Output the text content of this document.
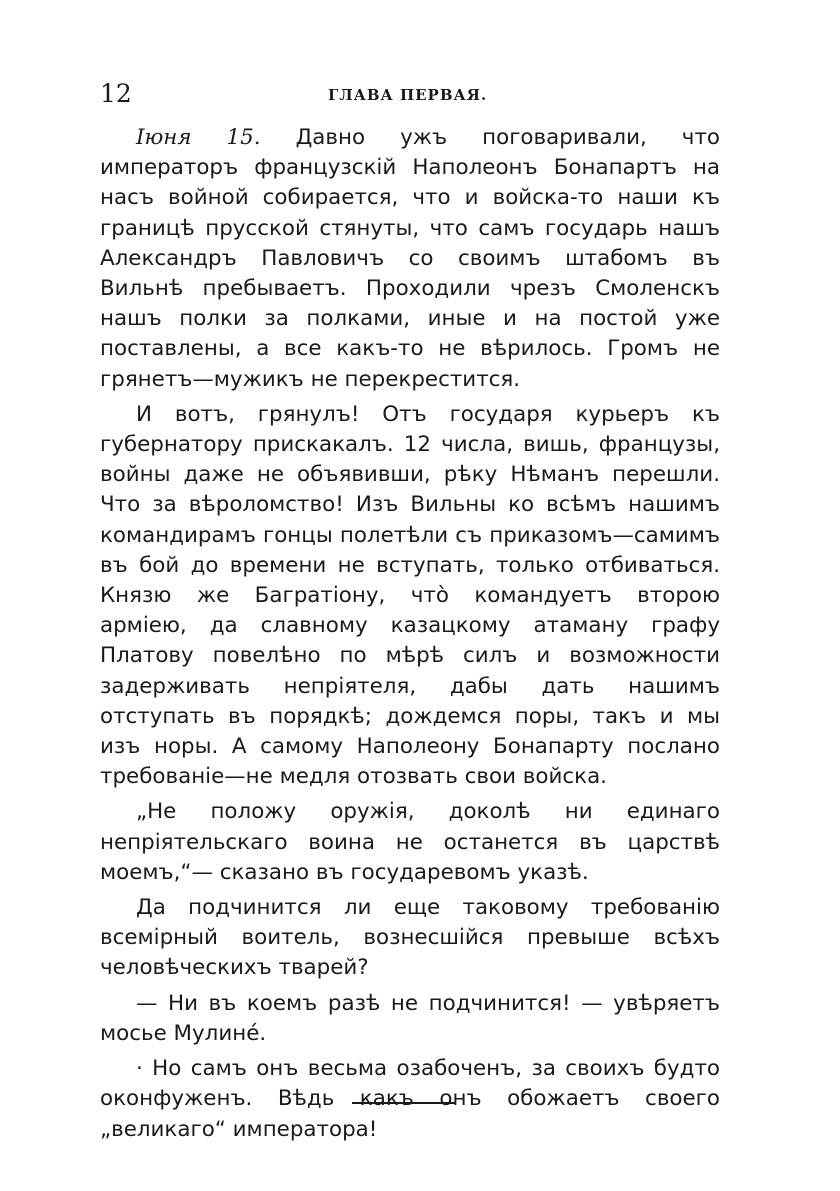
12	ГЛАВА ПЕРВАЯ.

Іюня 15. Давно ужъ поговаривали, что императоръ французскій Наполеонъ Бонапартъ на насъ войной собирается, что и войска-то наши къ границѣ прусской стянуты, что самъ государь нашъ Александръ Павловичъ со своимъ штабомъ въ Вильнѣ пребываетъ. Проходили чрезъ Смоленскъ нашъ полки за полками, иные и на постой уже поставлены, а все какъ-то не вѣрилось. Громъ не грянетъ—мужикъ не перекрестится.

И вотъ, грянулъ! Отъ государя курьеръ къ губернатору прискакалъ. 12 числа, вишь, французы, войны даже не объявивши, рѣку Нѣманъ перешли. Что за вѣроломство! Изъ Вильны ко всѣмъ нашимъ командирамъ гонцы полетѣли съ приказомъ—самимъ въ бой до времени не вступать, только отбиваться. Князю же Багратіону, что̀ командуетъ второю арміею, да славному казацкому атаману графу Платову повелѣно по мѣрѣ силъ и возможности задерживать непріятеля, дабы дать нашимъ отступать въ порядкѣ; дождемся поры, такъ и мы изъ норы. А самому Наполеону Бонапарту послано требованіе—не медля отозвать свои войска.

„Не положу оружія, доколѣ ни единаго непріятельскаго воина не останется въ царствѣ моемъ,“— сказано въ государевомъ указѣ.

Да подчинится ли еще таковому требованію всемірный воитель, вознесшійся превыше всѣхъ человѣческихъ тварей?

— Ни въ коемъ разѣ не подчинится! — увѣряетъ мосье Мулинé.

· Но самъ онъ весьма озабоченъ, за своихъ будто оконфуженъ. Вѣдь какъ онъ обожаетъ своего „великаго“ императора!
